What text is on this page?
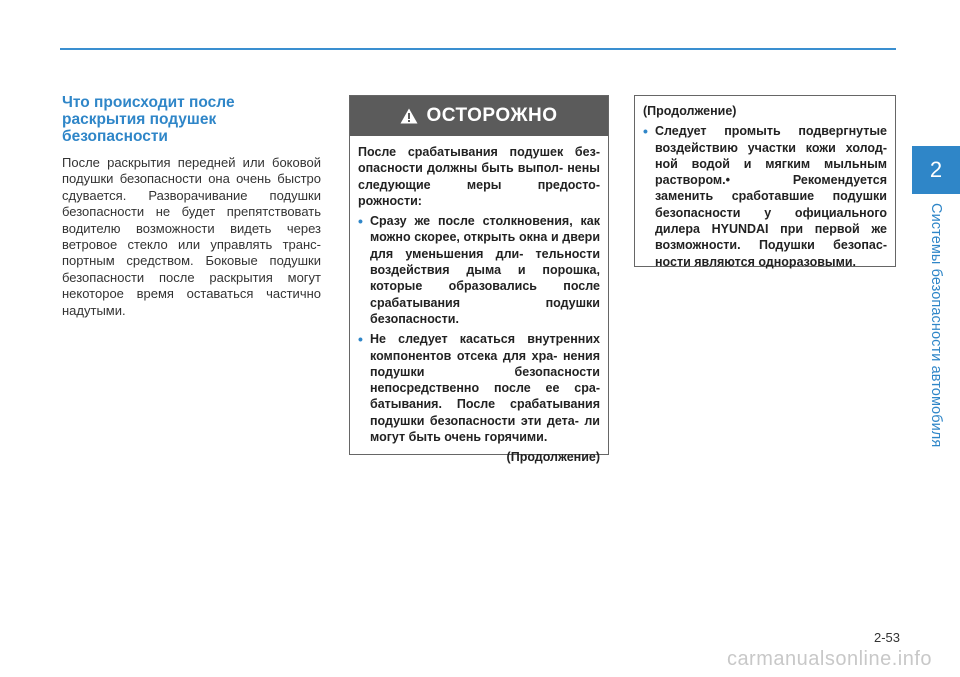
2
Системы безопасности автомобиля
Что происходит после раскрытия подушек безопасности

После раскрытия передней или боковой подушки безопасности она очень быстро сдувается. Разворачивание подушки безопасности не будет препятствовать водителю возможности видеть через ветровое стекло или управлять транс- портным средством. Боковые подушки безопасности после раскрытия могут некоторое время оставаться частично надутыми.

ОСТОРОЖНО

После срабатывания подушек без- опасности должны быть выпол- нены следующие меры предосто- рожности:

• Сразу же после столкновения, как можно скорее, открыть окна и двери для уменьшения дли- тельности воздействия дыма и порошка, которые образовались после срабатывания подушки безопасности.
• Не следует касаться внутренних компонентов отсека для хра- нения подушки безопасности непосредственно после ее сра- батывания. После срабатывания подушки безопасности эти дета- ли могут быть очень горячими.
(Продолжение)

(Продолжение)

• Следует промыть подвергнутые воздействию участки кожи холод- ной водой и мягким мыльным раствором.• Рекомендуется заменить сработавшие подушки безопасности у официального дилера HYUNDAI при первой же возможности. Подушки безопас- ности являются одноразовыми.
2-53
carmanualsonline.info
